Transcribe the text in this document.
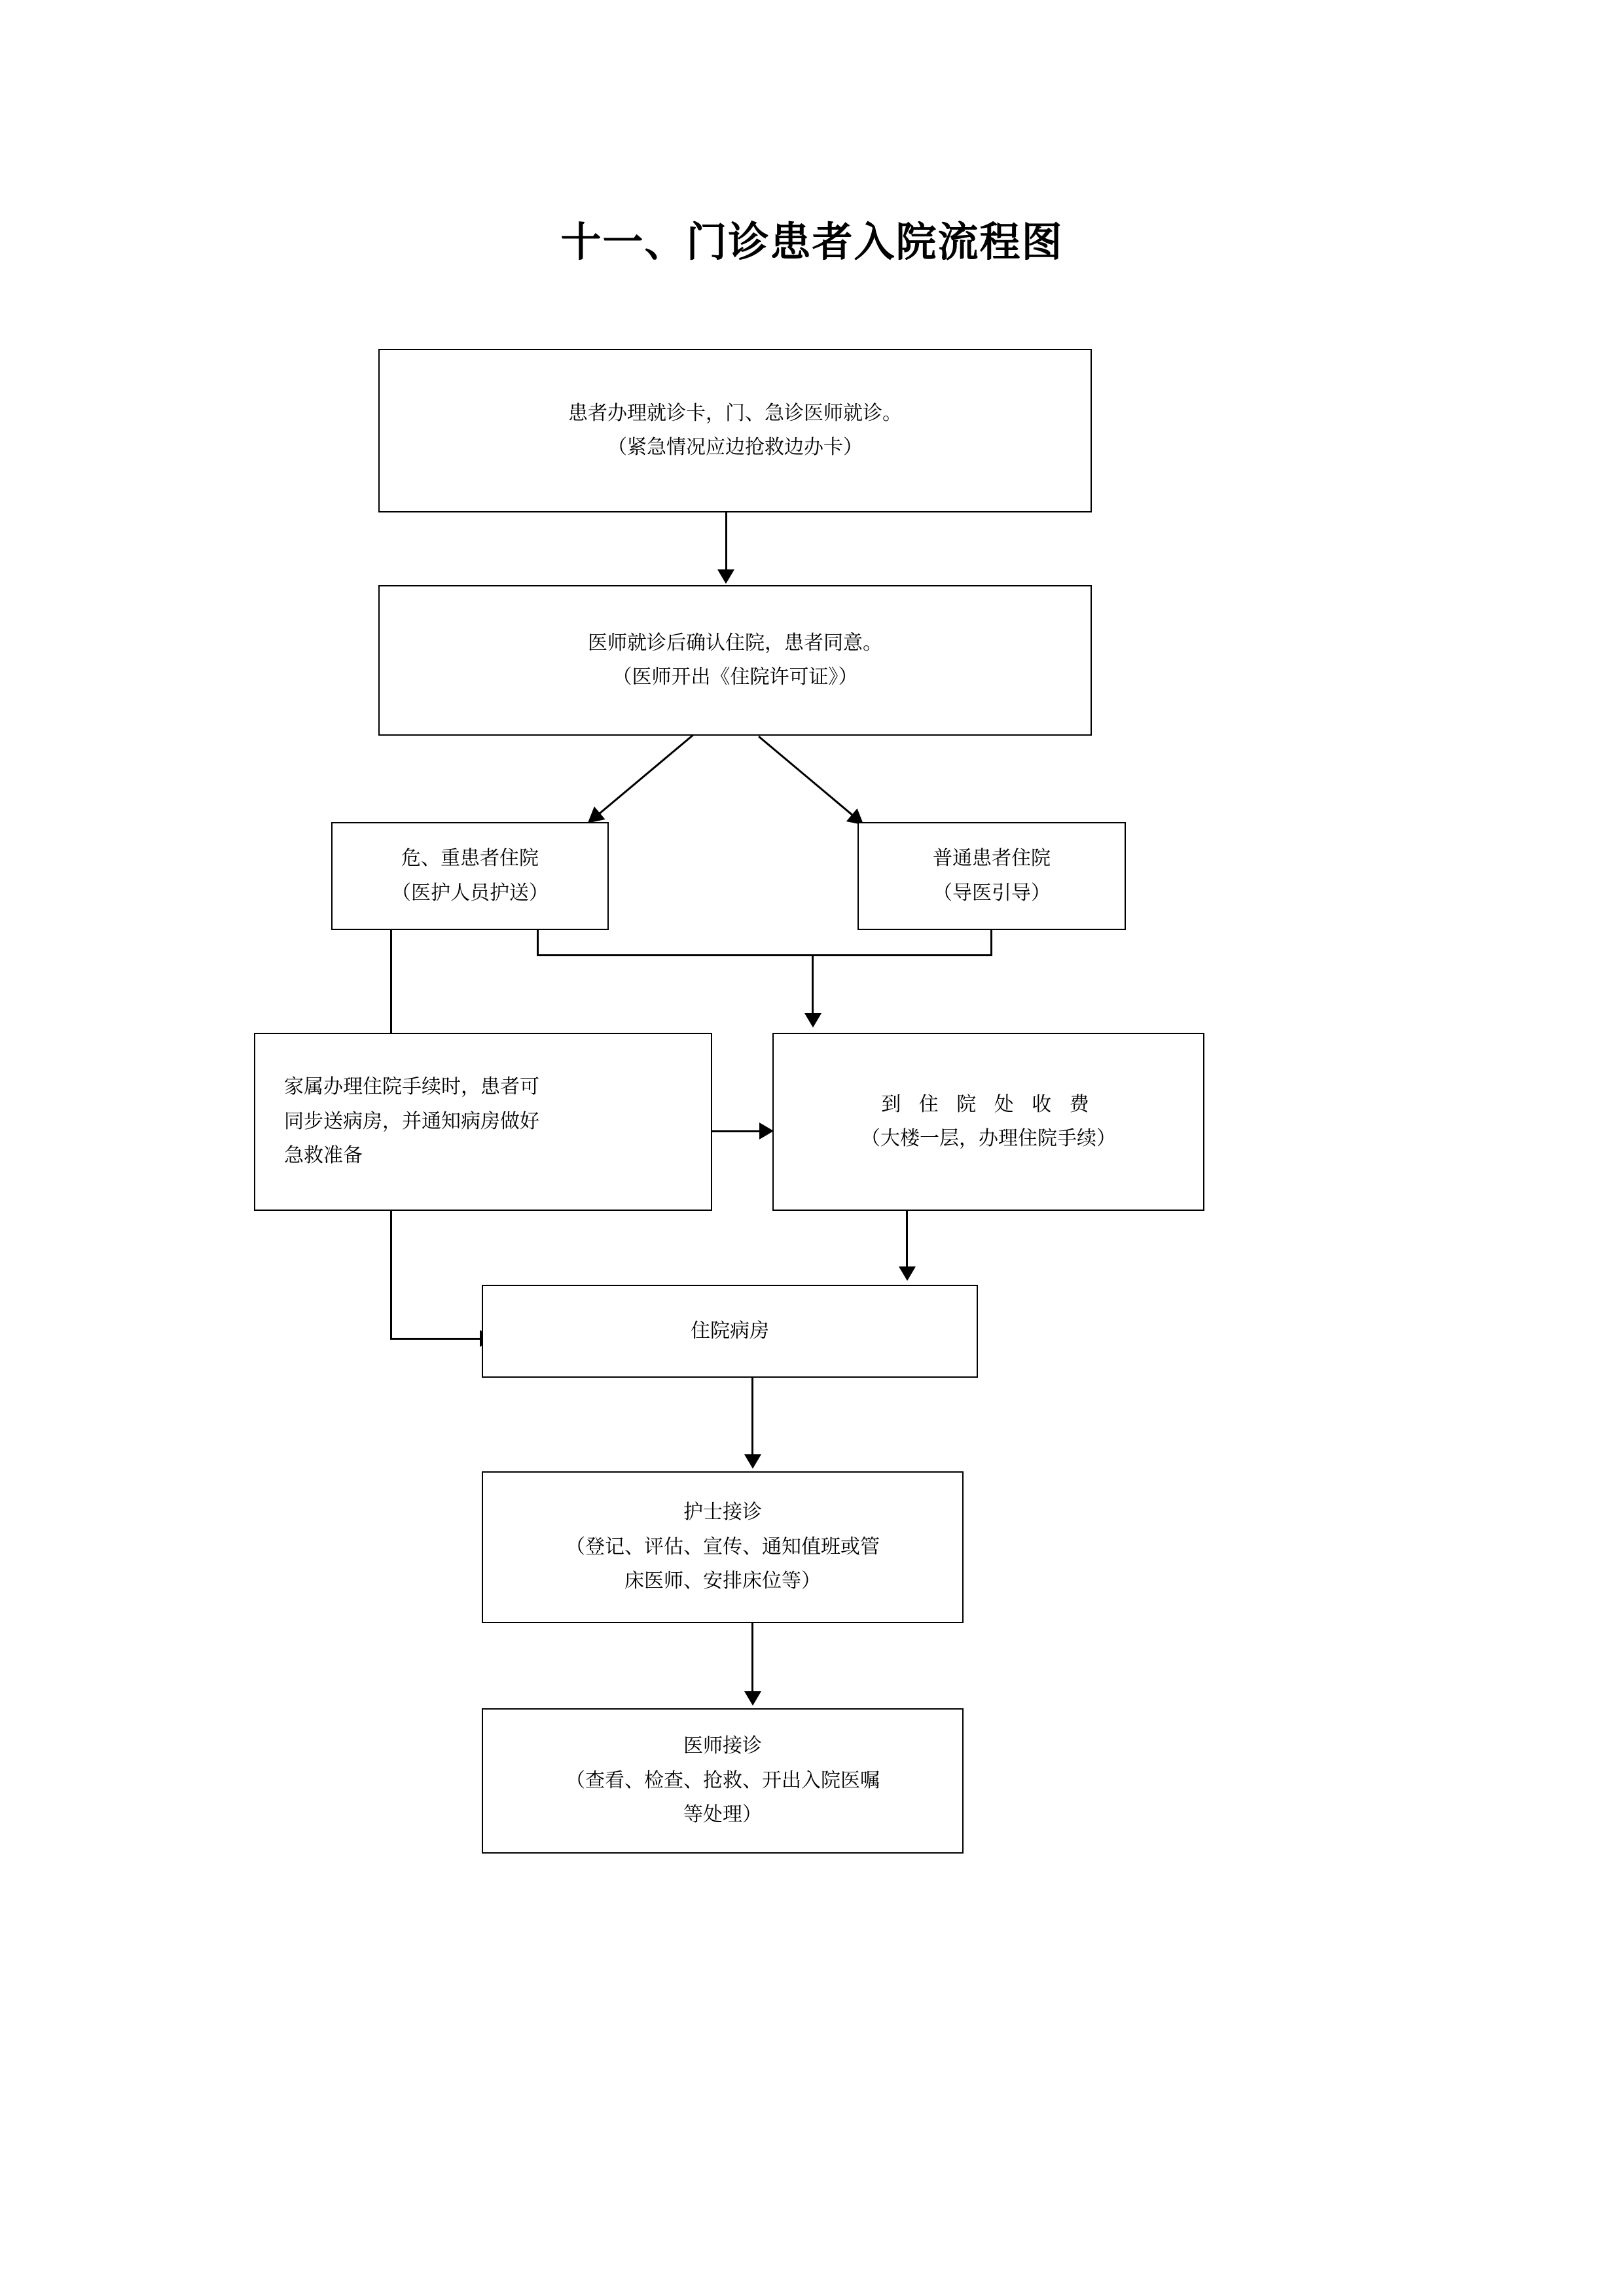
十一、门诊患者入院流程图
患者办理就诊卡，门、急诊医师就诊。
（紧急情况应边抢救边办卡）
医师就诊后确认住院，患者同意。
（医师开出《住院许可证》）
危、重患者住院
（医护人员护送）
普通患者住院
（导医引导）
家属办理住院手续时，患者可
同步送病房，并通知病房做好
急救准备
到 住 院 处 收 费
（大楼一层，办理住院手续）
住院病房
护士接诊
（登记、评估、宣传、通知值班或管
床医师、安排床位等）
医师接诊
（查看、检查、抢救、开出入院医嘱
等处理）
